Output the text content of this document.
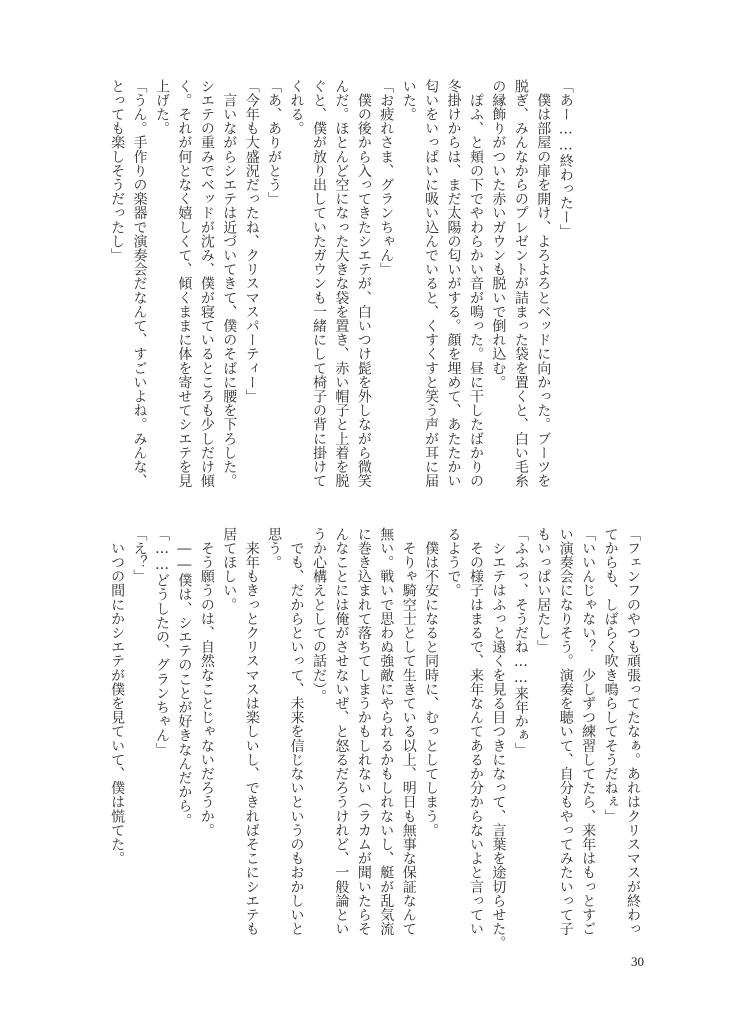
「あー……終わったー」
　僕は部屋の扉を開け、よろよろとベッドに向かった。ブーツを
脱ぎ、みんなからのプレゼントが詰まった袋を置くと、白い毛糸
の縁飾りがついた赤いガウンも脱いで倒れ込む。
　ぽふ、と頬の下でやわらかい音が鳴った。昼に干したばかりの
冬掛けからは、まだ太陽の匂いがする。顔を埋めて、あたたかい
匂いをいっぱいに吸い込んでいると、くすくすと笑う声が耳に届
いた。
「お疲れさま、グランちゃん」
　僕の後から入ってきたシエテが、白いつけ髭を外しながら微笑
んだ。ほとんど空になった大きな袋を置き、赤い帽子と上着を脱
ぐと、僕が放り出していたガウンも一緒にして椅子の背に掛けて
くれる。
「あ、ありがとう」
「今年も大盛況だったね、クリスマスパーティー」
　言いながらシエテは近づいてきて、僕のそばに腰を下ろした。
シエテの重みでベッドが沈み、僕が寝ているところも少しだけ傾
く。それが何となく嬉しくて、傾くままに体を寄せてシエテを見
上げた。
「うん。手作りの楽器で演奏会だなんて、すごいよね。みんな、
とっても楽しそうだったし」
「フェンフのやつも頑張ってたなぁ。あれはクリスマスが終わっ
てからも、しばらく吹き鳴らしてそうだねぇ」
「いいんじゃない？　少しずつ練習してたら、来年はもっとすご
い演奏会になりそう。演奏を聴いて、自分もやってみたいって子
もいっぱい居たし」
「ふふっ、そうだね……来年かぁ」
　シエテはふっと遠くを見る目つきになって、言葉を途切らせた。
　その様子はまるで、来年なんてあるか分からないよと言ってい
るようで。
　僕は不安になると同時に、むっとしてしまう。
　そりゃ騎空士として生きている以上、明日も無事な保証なんて
無い。戦いで思わぬ強敵にやられるかもしれないし、艇が乱気流
に巻き込まれて落ちてしまうかもしれない（ラカムが聞いたらそ
んなことには俺がさせないぜ、と怒るだろうけれど、一般論とい
うか心構えとしての話だ）。
　でも、だからといって、未来を信じないというのもおかしいと
思う。
　来年もきっとクリスマスは楽しいし、できればそこにシエテも
居てほしい。
　そう願うのは、自然なことじゃないだろうか。
　――僕は、シエテのことが好きなんだから。
「……どうしたの、グランちゃん」
「え？」
　いつの間にかシエテが僕を見ていて、僕は慌てた。
30
